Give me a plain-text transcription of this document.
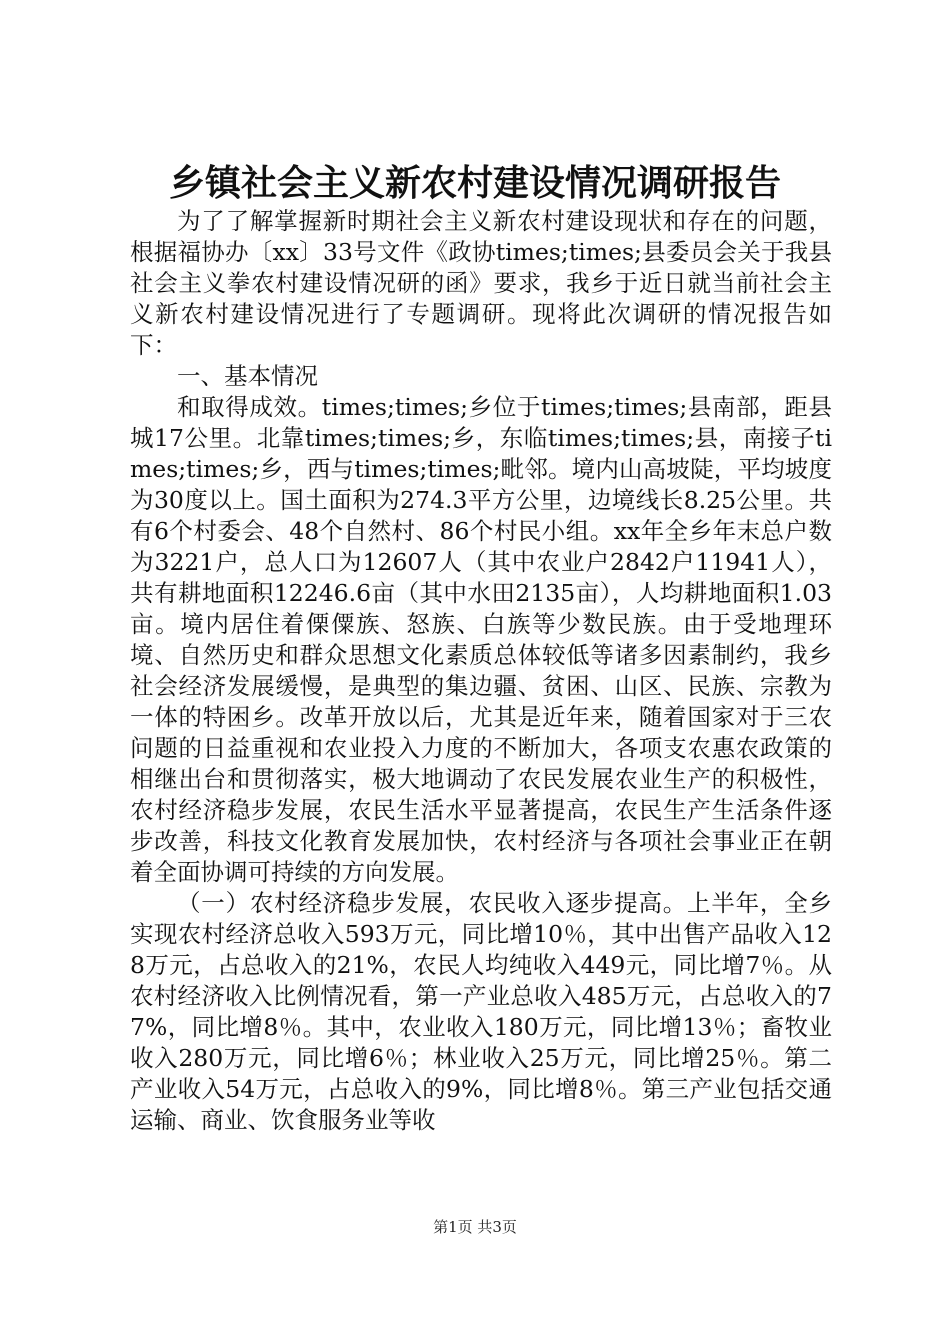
乡镇社会主义新农村建设情况调研报告

为了了解掌握新时期社会主义新农村建设现状和存在的问题，根据福协办〔xx〕33号文件《政协times;times;县委员会关于我县社会主义拳农村建设情况研的函》要求，我乡于近日就当前社会主义新农村建设情况进行了专题调研。现将此次调研的情况报告如下：

一、基本情况

和取得成效。times;times;乡位于times;times;县南部，距县城17公里。北靠times;times;乡，东临times;times;县，南接子times;times;乡，西与times;times;毗邻。境内山高坡陡，平均坡度为30度以上。国土面积为274.3平方公里，边境线长8.25公里。共有6个村委会、48个自然村、86个村民小组。xx年全乡年末总户数为3221户，总人口为12607人（其中农业户2842户11941人），共有耕地面积12246.6亩（其中水田2135亩），人均耕地面积1.03亩。境内居住着傈僳族、怒族、白族等少数民族。由于受地理环境、自然历史和群众思想文化素质总体较低等诸多因素制约，我乡社会经济发展缓慢，是典型的集边疆、贫困、山区、民族、宗教为一体的特困乡。改革开放以后，尤其是近年来，随着国家对于三农问题的日益重视和农业投入力度的不断加大，各项支农惠农政策的相继出台和贯彻落实，极大地调动了农民发展农业生产的积极性，农村经济稳步发展，农民生活水平显著提高，农民生产生活条件逐步改善，科技文化教育发展加快，农村经济与各项社会事业正在朝着全面协调可持续的方向发展。

（一）农村经济稳步发展，农民收入逐步提高。上半年，全乡实现农村经济总收入593万元，同比增10％，其中出售产品收入128万元，占总收入的21%，农民人均纯收入449元，同比增7％。从农村经济收入比例情况看，第一产业总收入485万元，占总收入的77%，同比增8％。其中，农业收入180万元，同比增13％；畜牧业收入280万元，同比增6％；林业收入25万元，同比增25％。第二产业收入54万元，占总收入的9%，同比增8％。第三产业包括交通运输、商业、饮食服务业等收

第1页 共3页
